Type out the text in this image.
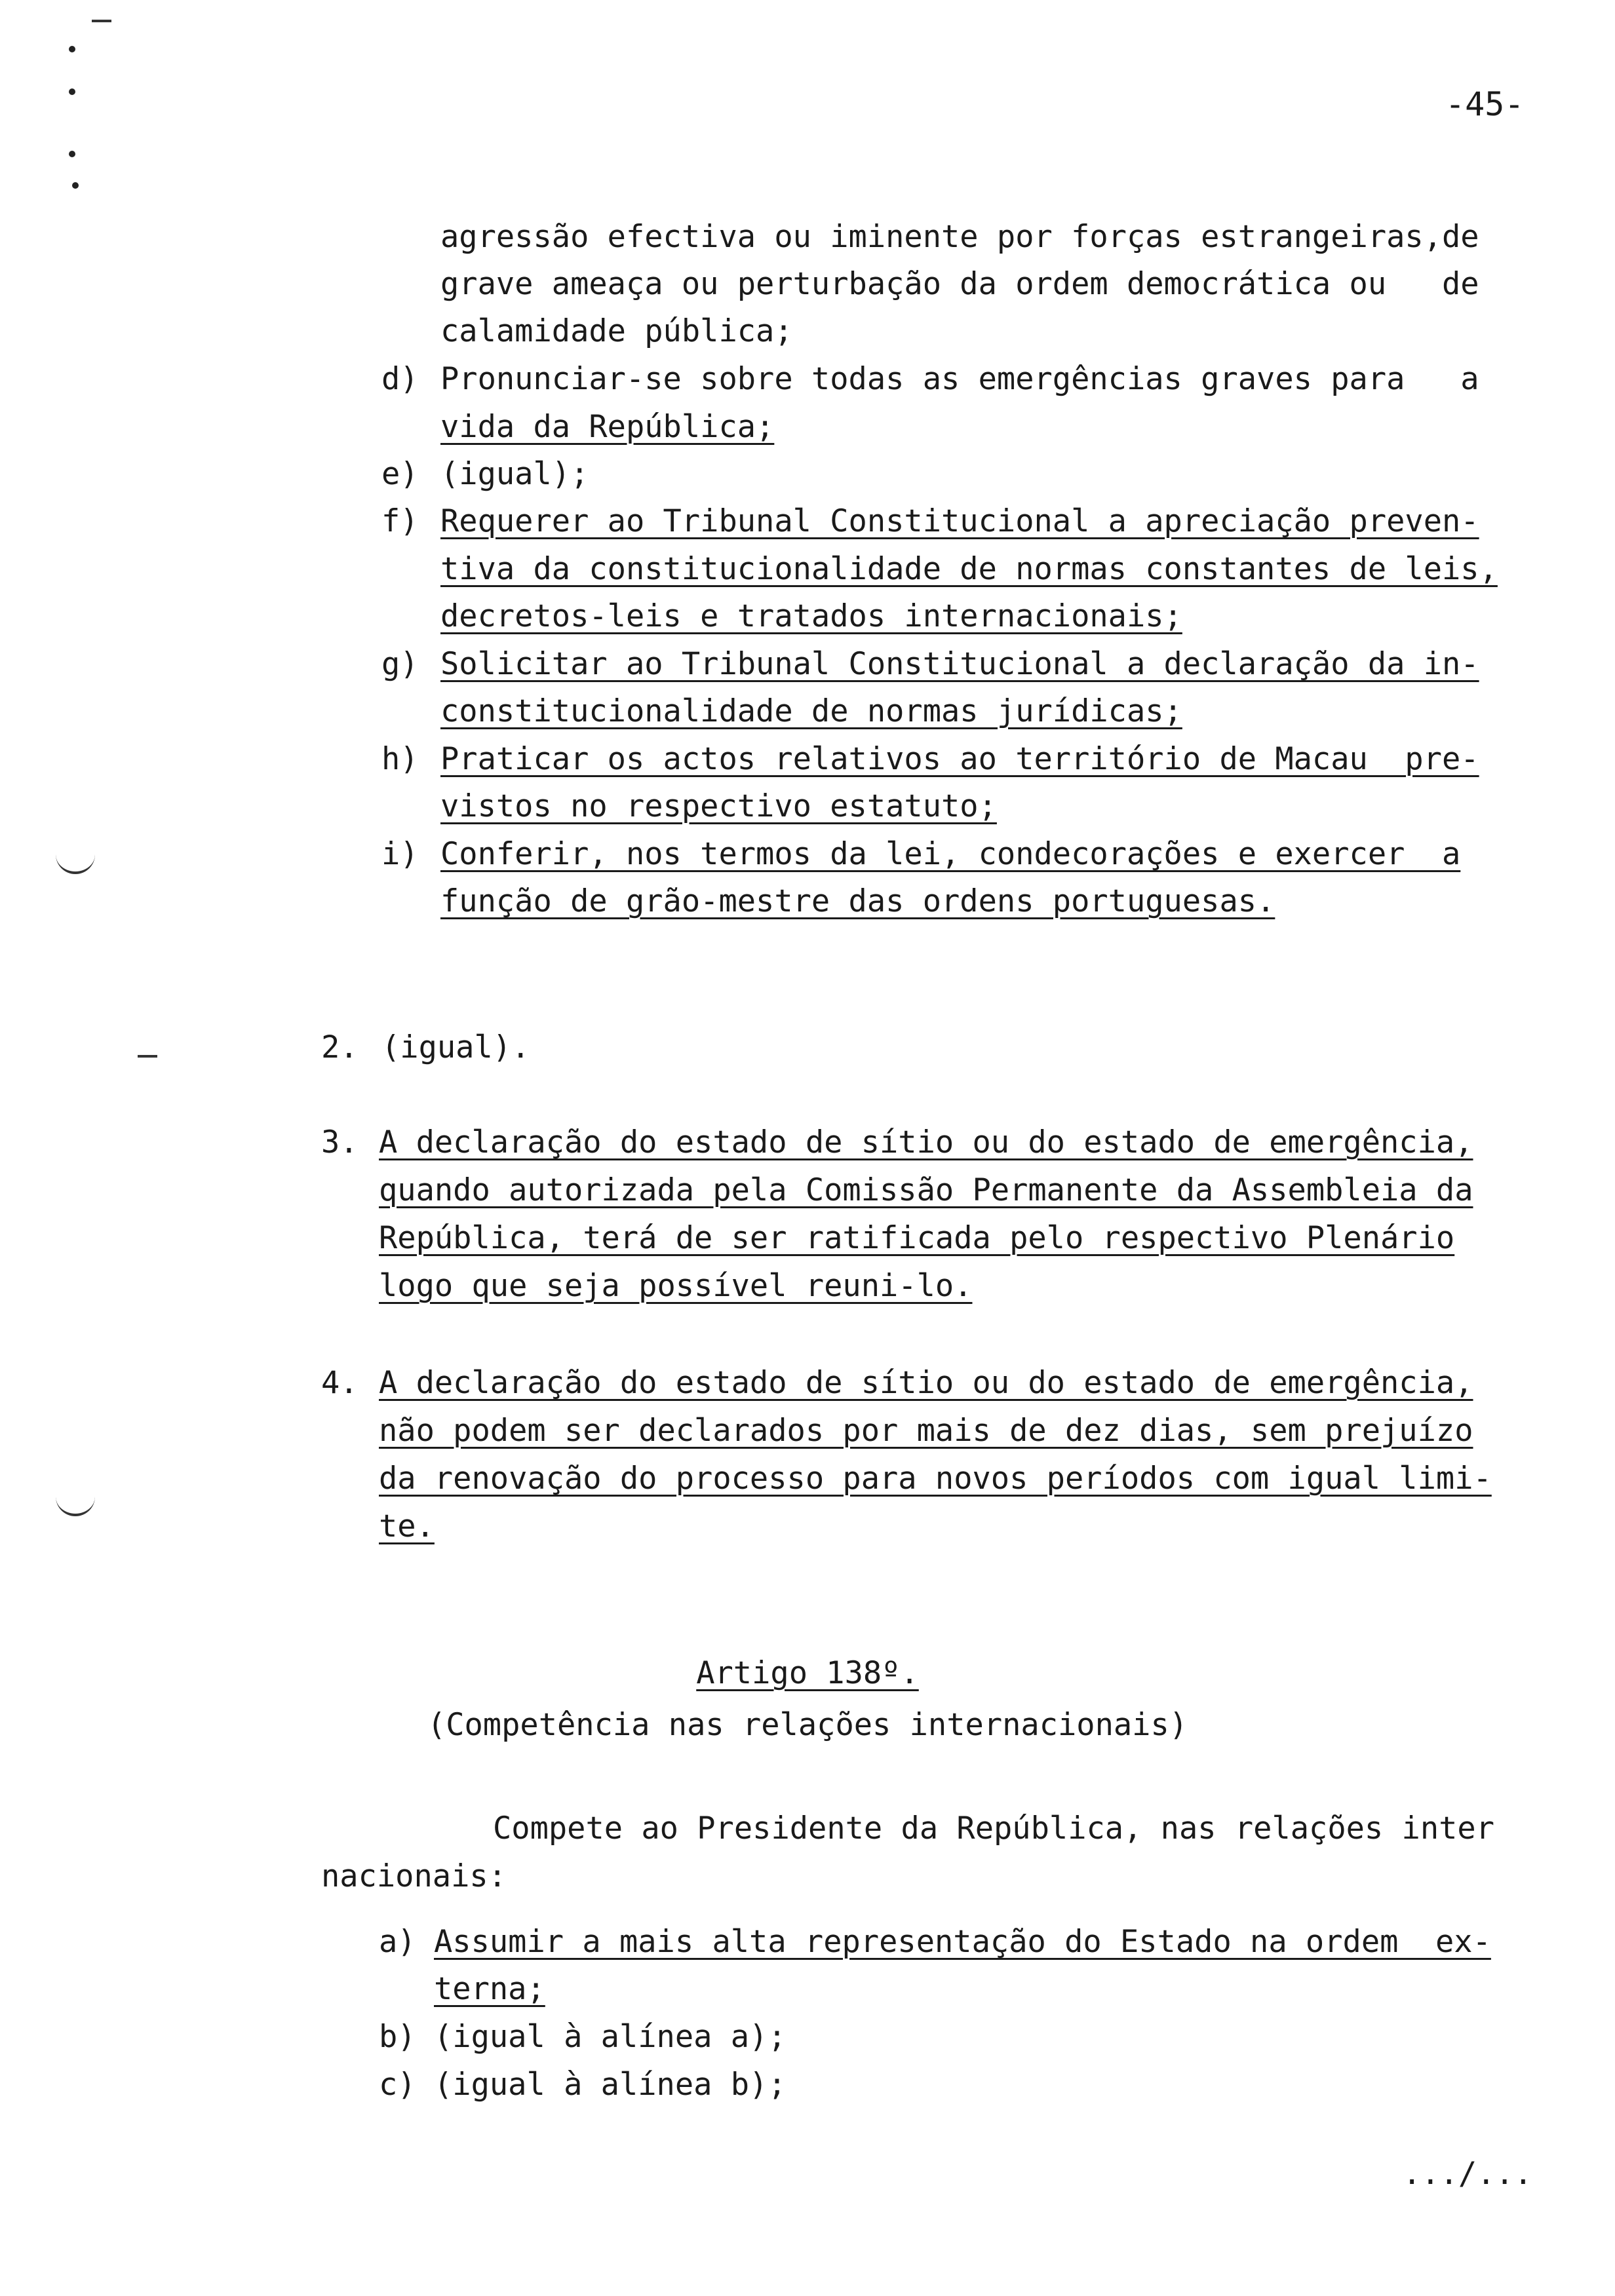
-45-
agressão efectiva ou iminente por forças estrangeiras,de
grave ameaça ou perturbação da ordem democrática ou   de
calamidade pública;
d) Pronunciar-se sobre todas as emergências graves para   a
vida da República;
e) (igual);
f) Requerer ao Tribunal Constitucional a apreciação preven-
tiva da constitucionalidade de normas constantes de leis,
decretos-leis e tratados internacionais;
g) Solicitar ao Tribunal Constitucional a declaração da in-
constitucionalidade de normas jurídicas;
h) Praticar os actos relativos ao território de Macau  pre-
vistos no respectivo estatuto;
i) Conferir, nos termos da lei, condecorações e exercer  a
função de grão-mestre das ordens portuguesas.
2. (igual).
3. A declaração do estado de sítio ou do estado de emergência,
quando autorizada pela Comissão Permanente da Assembleia da
República, terá de ser ratificada pelo respectivo Plenário
logo que seja possível reuni-lo.
4. A declaração do estado de sítio ou do estado de emergência,
não podem ser declarados por mais de dez dias, sem prejuízo
da renovação do processo para novos períodos com igual limi-
te.
Artigo 138º.
(Competência nas relações internacionais)
Compete ao Presidente da República, nas relações inter
nacionais:
a) Assumir a mais alta representação do Estado na ordem  ex-
terna;
b) (igual à alínea a);
c) (igual à alínea b);
.../...
